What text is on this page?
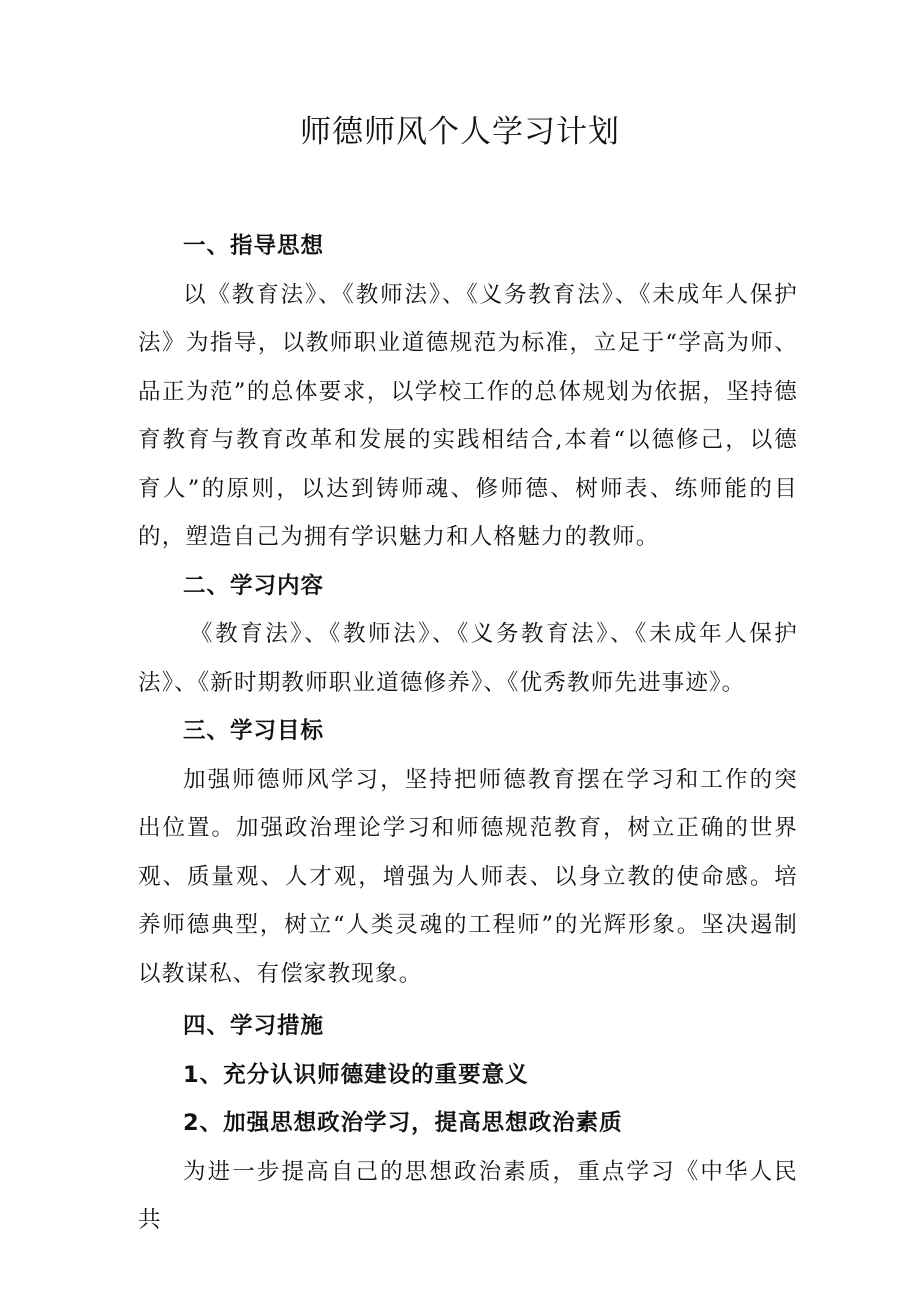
师德师风个人学习计划

一、指导思想

以《教育法》、《教师法》、《义务教育法》、《未成年人保护法》为指导，以教师职业道德规范为标准，立足于“学高为师、品正为范”的总体要求，以学校工作的总体规划为依据，坚持德育教育与教育改革和发展的实践相结合,本着“以德修己，以德育人”的原则，以达到铸师魂、修师德、树师表、练师能的目的，塑造自己为拥有学识魅力和人格魅力的教师。

二、学习内容

《教育法》、《教师法》、《义务教育法》、《未成年人保护法》、《新时期教师职业道德修养》、《优秀教师先进事迹》。

三、学习目标

加强师德师风学习，坚持把师德教育摆在学习和工作的突出位置。加强政治理论学习和师德规范教育，树立正确的世界观、质量观、人才观，增强为人师表、以身立教的使命感。培养师德典型，树立“人类灵魂的工程师”的光辉形象。坚决遏制以教谋私、有偿家教现象。

四、学习措施

1、充分认识师德建设的重要意义

2、加强思想政治学习，提高思想政治素质

为进一步提高自己的思想政治素质，重点学习《中华人民共
